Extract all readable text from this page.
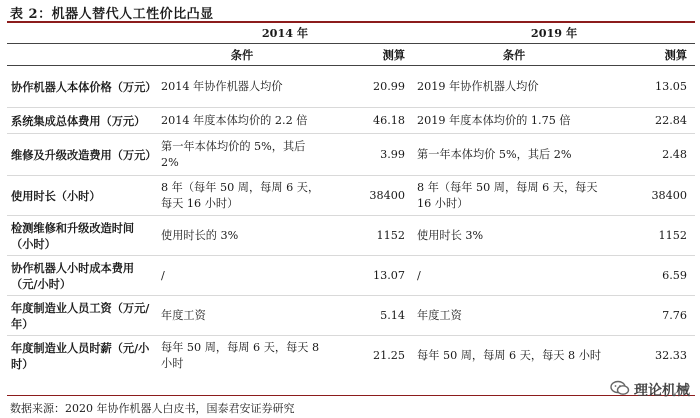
表 2：机器人替代人工性价比凸显
	2014 年		2019 年	
	条件	测算	条件	测算
协作机器人本体价格（万元）	2014 年协作机器人均价	20.99	2019 年协作机器人均价	13.05
系统集成总体费用（万元）	2014 年度本体均价的 2.2 倍	46.18	2019 年度本体均价的 1.75 倍	22.84
维修及升级改造费用（万元）	第一年本体均价的 5%，其后 2%	3.99	第一年本体均价 5%，其后 2%	2.48
使用时长（小时）	8 年（每年 50 周，每周 6 天，每天 16 小时）	38400	8 年（每年 50 周，每周 6 天，每天 16 小时）	38400
检测维修和升级改造时间（小时）	使用时长的 3%	1152	使用时长 3%	1152
协作机器人小时成本费用（元/小时）	/	13.07	/	6.59
年度制造业人员工资（万元/年）	年度工资	5.14	年度工资	7.76
年度制造业人员时薪（元/小时）	每年 50 周，每周 6 天，每天 8 小时	21.25	每年 50 周，每周 6 天，每天 8 小时	32.33
数据来源：2020 年协作机器人白皮书，国泰君安证券研究
理论机械
